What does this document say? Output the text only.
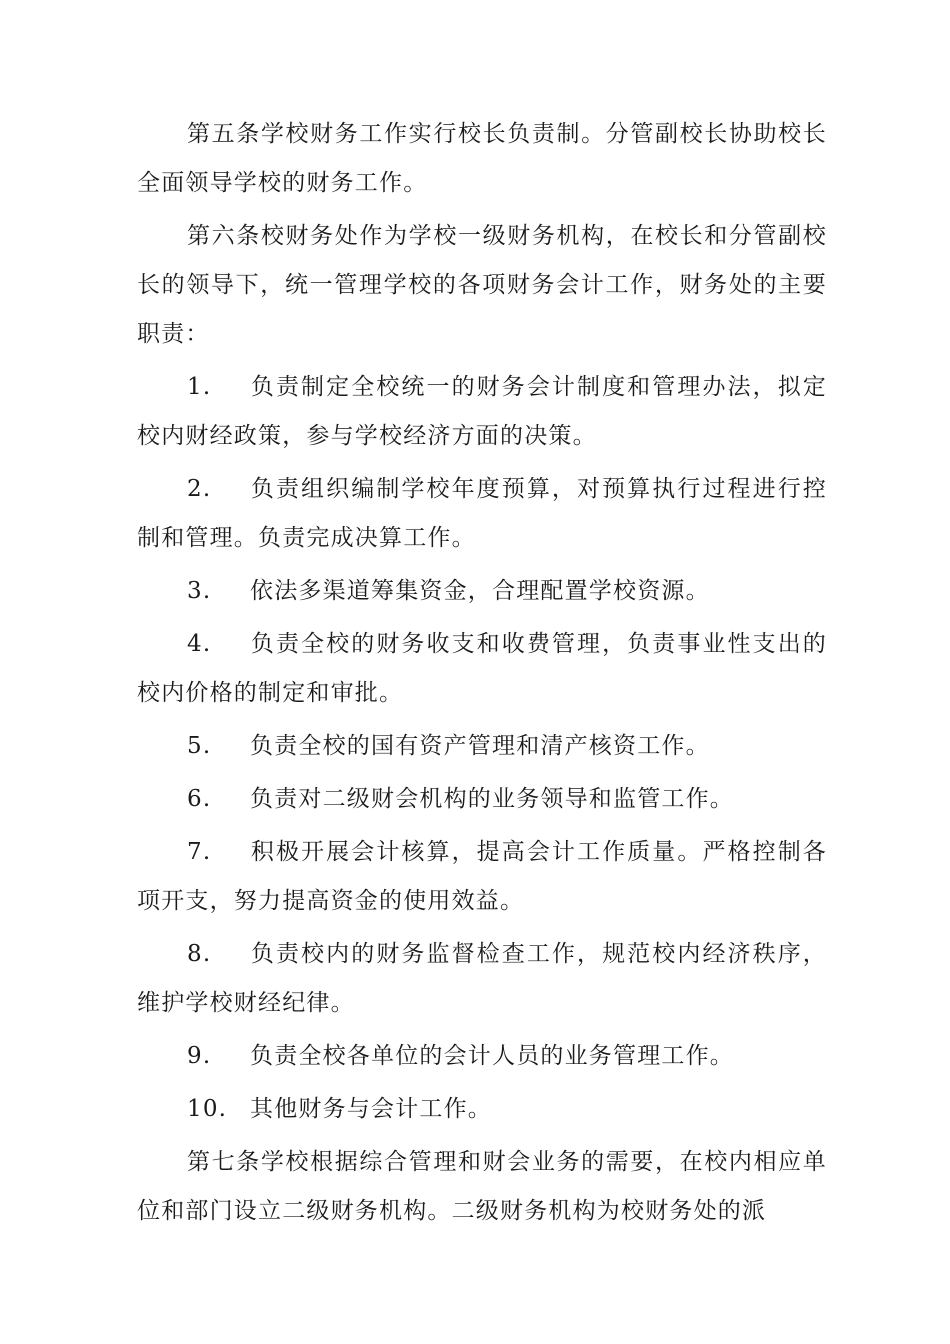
第五条学校财务工作实行校长负责制。分管副校长协助校长全面领导学校的财务工作。

第六条校财务处作为学校一级财务机构，在校长和分管副校长的领导下，统一管理学校的各项财务会计工作，财务处的主要职责：

1. 负责制定全校统一的财务会计制度和管理办法，拟定校内财经政策，参与学校经济方面的决策。

2. 负责组织编制学校年度预算，对预算执行过程进行控制和管理。负责完成决算工作。

3. 依法多渠道筹集资金，合理配置学校资源。

4. 负责全校的财务收支和收费管理，负责事业性支出的校内价格的制定和审批。

5. 负责全校的国有资产管理和清产核资工作。

6. 负责对二级财会机构的业务领导和监管工作。

7. 积极开展会计核算，提高会计工作质量。严格控制各项开支，努力提高资金的使用效益。

8. 负责校内的财务监督检查工作，规范校内经济秩序，维护学校财经纪律。

9. 负责全校各单位的会计人员的业务管理工作。

10. 其他财务与会计工作。

第七条学校根据综合管理和财会业务的需要，在校内相应单位和部门设立二级财务机构。二级财务机构为校财务处的派
